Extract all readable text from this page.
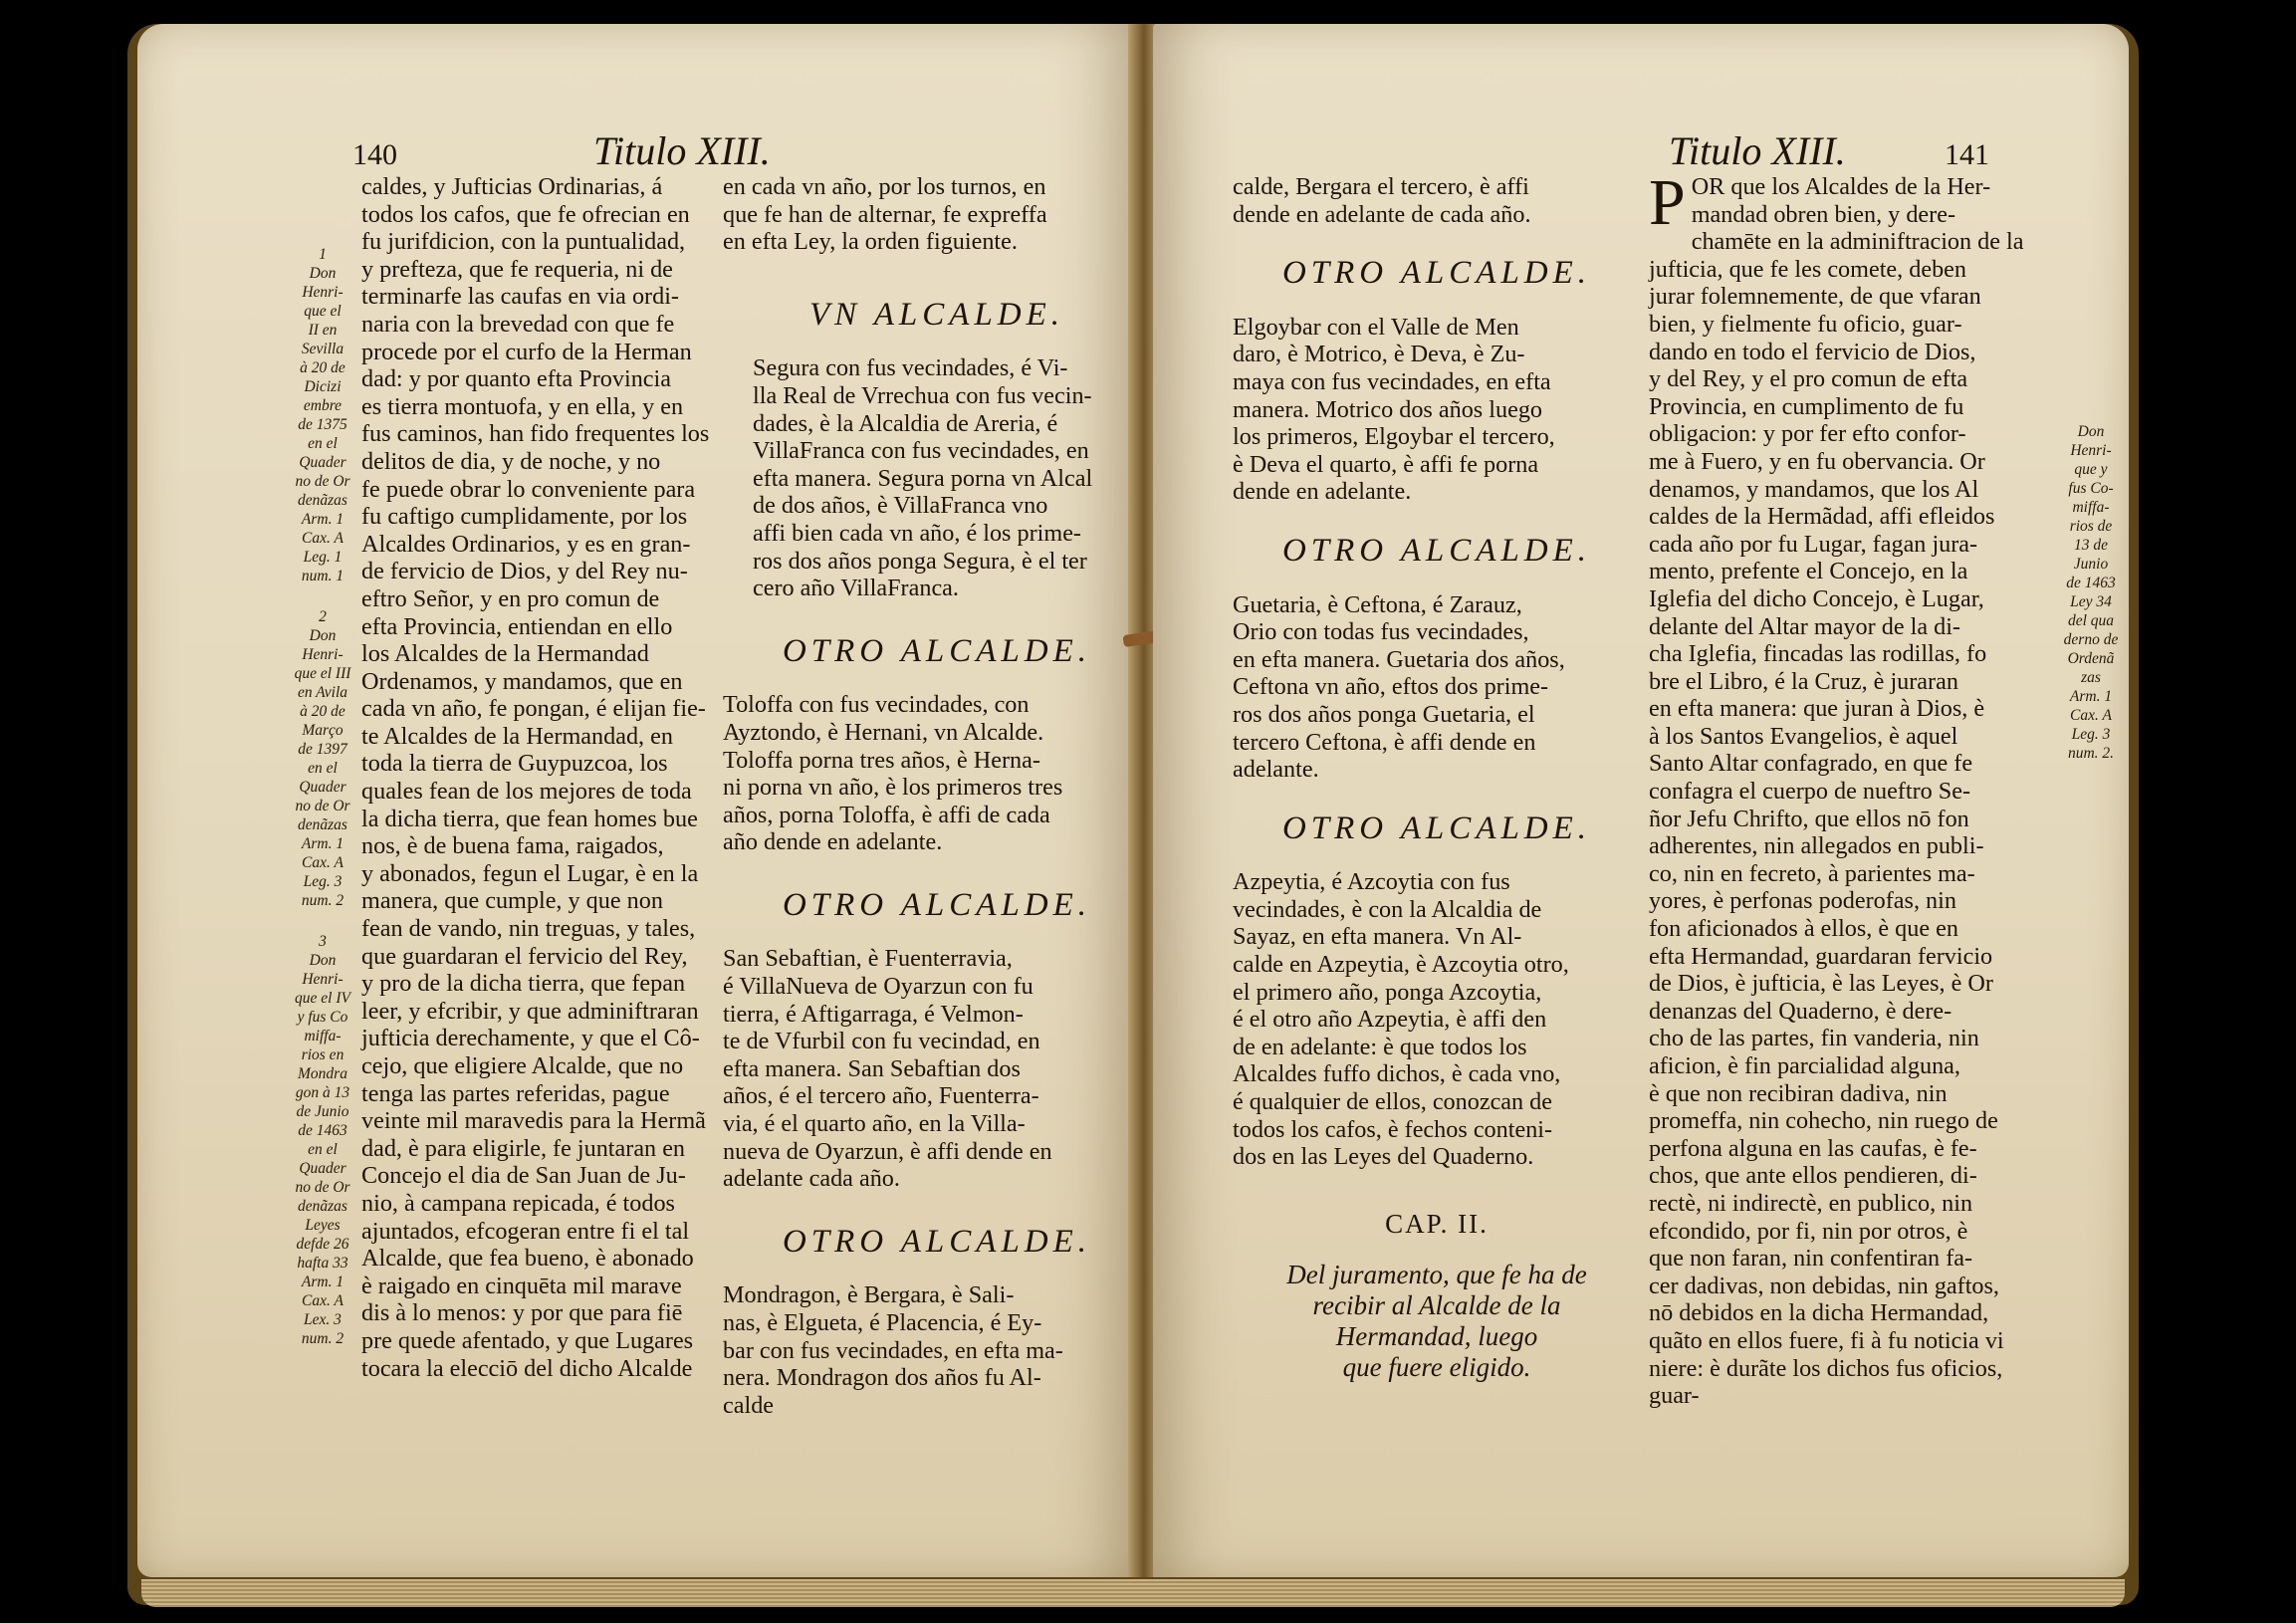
140	Titulo XIII.
1
Don
Henri-
que el
II en
Sevilla
à 20 de
Dicizi
embre
de 1375
en el
Quader
no de Or
denãzas
Arm. 1
Cax. A
Leg. 1
num. 1
2
Don
Henri-
que el III
en Avila
à 20 de
Março
de 1397
en el
Quader
no de Or
denãzas
Arm. 1
Cax. A
Leg. 3
num. 2
3
Don
Henri-
que el IV
y fus Co
miffa-
rios en
Mondra
gon à 13
de Junio
de 1463
en el
Quader
no de Or
denãzas
Leyes
defde 26
hafta 33
Arm. 1
Cax. A
Lex. 3
num. 2
caldes, y Jufticias Ordinarias, á
todos los cafos, que fe ofrecian en
fu jurifdicion, con la puntualidad,
y prefteza, que fe requeria, ni de
terminarfe las caufas en via ordi-
naria con la brevedad con que fe
procede por el curfo de la Herman
dad: y por quanto efta Provincia
es tierra montuofa, y en ella, y en
fus caminos, han fido frequentes los
delitos de dia, y de noche, y no
fe puede obrar lo conveniente para
fu caftigo cumplidamente, por los
Alcaldes Ordinarios, y es en gran-
de fervicio de Dios, y del Rey nu-
eftro Señor, y en pro comun de
efta Provincia, entiendan en ello
los Alcaldes de la Hermandad
Ordenamos, y mandamos, que en
cada vn año, fe pongan, é elijan fie-
te Alcaldes de la Hermandad, en
toda la tierra de Guypuzcoa, los
quales fean de los mejores de toda
la dicha tierra, que fean homes bue
nos, è de buena fama, raigados,
y abonados, fegun el Lugar, è en la
manera, que cumple, y que non
fean de vando, nin treguas, y tales,
que guardaran el fervicio del Rey,
y pro de la dicha tierra, que fepan
leer, y efcribir, y que adminiftraran
jufticia derechamente, y que el Cô-
cejo, que eligiere Alcalde, que no
tenga las partes referidas, pague
veinte mil maravedis para la Hermã
dad, è para eligirle, fe juntaran en
Concejo el dia de San Juan de Ju-
nio, à campana repicada, é todos
ajuntados, efcogeran entre fi el tal
Alcalde, que fea bueno, è abonado
è raigado en cinquēta mil marave
dis à lo menos: y por que para fiē
pre quede afentado, y que Lugares
tocara la elecciō del dicho Alcalde
en cada vn año, por los turnos, en
que fe han de alternar, fe expreffa
en efta Ley, la orden figuiente.
VN ALCALDE.
Segura con fus vecindades, é Vi-
lla Real de Vrrechua con fus vecin-
dades, è la Alcaldia de Areria, é
VillaFranca con fus vecindades, en
efta manera. Segura porna vn Alcal
de dos años, è VillaFranca vno
affi bien cada vn año, é los prime-
ros dos años ponga Segura, è el ter
cero año VillaFranca.
OTRO ALCALDE.
Toloffa con fus vecindades, con
Ayztondo, è Hernani, vn Alcalde.
Toloffa porna tres años, è Herna-
ni porna vn año, è los primeros tres
años, porna Toloffa, è affi de cada
año dende en adelante.
OTRO ALCALDE.
San Sebaftian, è Fuenterravia,
é VillaNueva de Oyarzun con fu
tierra, é Aftigarraga, é Velmon-
te de Vfurbil con fu vecindad, en
efta manera. San Sebaftian dos
años, é el tercero año, Fuenterra-
via, é el quarto año, en la Villa-
nueva de Oyarzun, è affi dende en
adelante cada año.
OTRO ALCALDE.
Mondragon, è Bergara, è Sali-
nas, è Elgueta, é Placencia, é Ey-
bar con fus vecindades, en efta ma-
nera. Mondragon dos años fu Al-
calde
Titulo XIII.	141
calde, Bergara el tercero, è affi
dende en adelante de cada año.
OTRO ALCALDE.
Elgoybar con el Valle de Men
daro, è Motrico, è Deva, è Zu-
maya con fus vecindades, en efta
manera. Motrico dos años luego
los primeros, Elgoybar el tercero,
è Deva el quarto, è affi fe porna
dende en adelante.
OTRO ALCALDE.
Guetaria, è Ceftona, é Zarauz,
Orio con todas fus vecindades,
en efta manera. Guetaria dos años,
Ceftona vn año, eftos dos prime-
ros dos años ponga Guetaria, el
tercero Ceftona, è affi dende en
adelante.
OTRO ALCALDE.
Azpeytia, é Azcoytia con fus
vecindades, è con la Alcaldia de
Sayaz, en efta manera. Vn Al-
calde en Azpeytia, è Azcoytia otro,
el primero año, ponga Azcoytia,
é el otro año Azpeytia, è affi den
de en adelante: è que todos los
Alcaldes fuffo dichos, è cada vno,
é qualquier de ellos, conozcan de
todos los cafos, è fechos conteni-
dos en las Leyes del Quaderno.
CAP. II.
Del juramento, que fe ha de
recibir al Alcalde de la
Hermandad, luego
que fuere eligido.
P OR que los Alcaldes de la Her-
mandad obren bien, y dere-
chamēte en la adminiftracion de la
jufticia, que fe les comete, deben
jurar folemnemente, de que vfaran
bien, y fielmente fu oficio, guar-
dando en todo el fervicio de Dios,
y del Rey, y el pro comun de efta
Provincia, en cumplimento de fu
obligacion: y por fer efto confor-
me à Fuero, y en fu obervancia. Or
denamos, y mandamos, que los Al
caldes de la Hermãdad, affi efleidos
cada año por fu Lugar, fagan jura-
mento, prefente el Concejo, en la
Iglefia del dicho Concejo, è Lugar,
delante del Altar mayor de la di-
cha Iglefia, fincadas las rodillas, fo
bre el Libro, é la Cruz, è juraran
en efta manera: que juran à Dios, è
à los Santos Evangelios, è aquel
Santo Altar confagrado, en que fe
confagra el cuerpo de nueftro Se-
ñor Jefu Chrifto, que ellos nō fon
adherentes, nin allegados en publi-
co, nin en fecreto, à parientes ma-
yores, è perfonas poderofas, nin
fon aficionados à ellos, è que en
efta Hermandad, guardaran fervicio
de Dios, è jufticia, è las Leyes, è Or
denanzas del Quaderno, è dere-
cho de las partes, fin vanderia, nin
aficion, è fin parcialidad alguna,
è que non recibiran dadiva, nin
promeffa, nin cohecho, nin ruego de
perfona alguna en las caufas, è fe-
chos, que ante ellos pendieren, di-
rectè, ni indirectè, en publico, nin
efcondido, por fi, nin por otros, è
que non faran, nin confentiran fa-
cer dadivas, non debidas, nin gaftos,
nō debidos en la dicha Hermandad,
quãto en ellos fuere, fi à fu noticia vi
niere: è durãte los dichos fus oficios,
guar-
Don
Henri-
que y
fus Co-
miffa-
rios de
13 de
Junio
de 1463
Ley 34
del qua
derno de
Ordenã
zas
Arm. 1
Cax. A
Leg. 3
num. 2.
